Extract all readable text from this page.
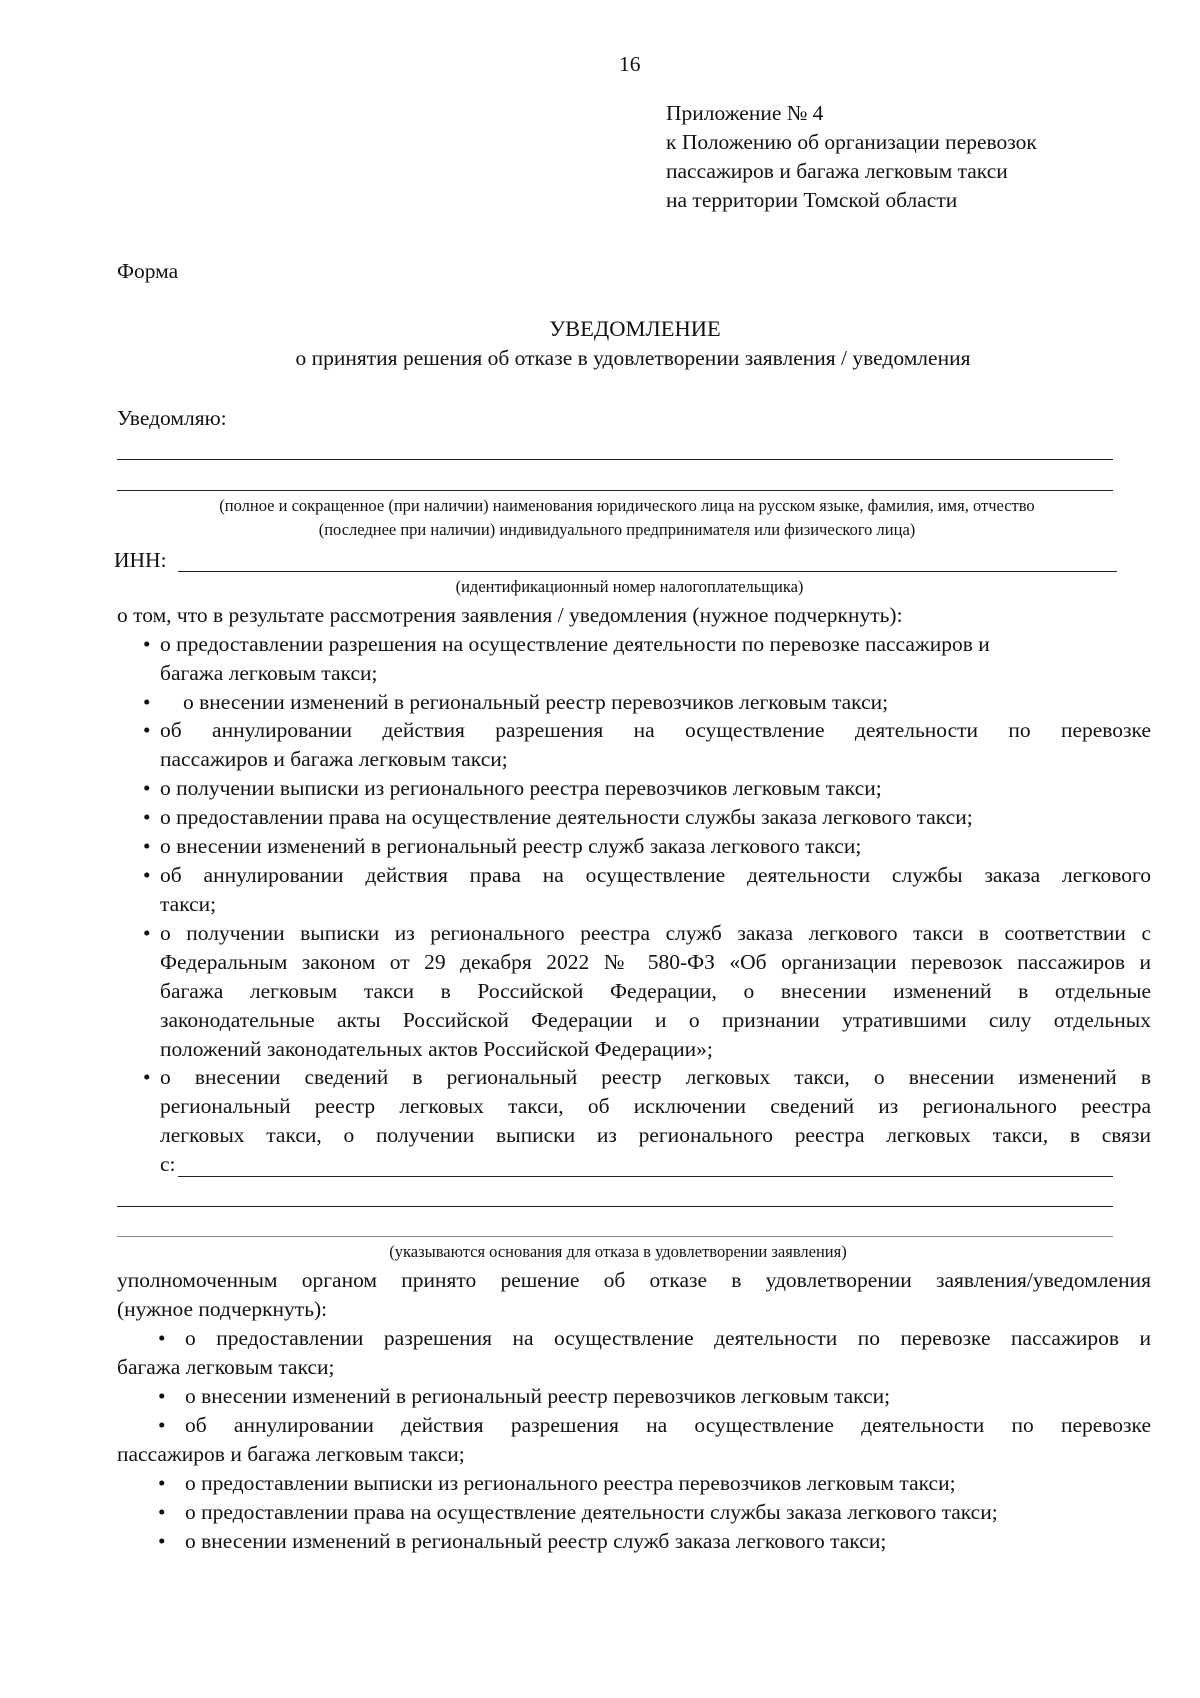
16
Приложение № 4
к Положению об организации перевозок
пассажиров и багажа легковым такси
на территории Томской области
Форма
УВЕДОМЛЕНИЕ
о принятия решения об отказе в удовлетворении заявления / уведомления
Уведомляю:
(полное и сокращенное (при наличии) наименования юридического лица на русском языке, фамилия, имя, отчество
(последнее при наличии) индивидуального предпринимателя или физического лица)
ИНН:
(идентификационный номер налогоплательщика)
о том, что в результате рассмотрения заявления / уведомления (нужное подчеркнуть):
• о предоставлении разрешения на осуществление деятельности по перевозке пассажиров и
багажа легковым такси;
• о внесении изменений в региональный реестр перевозчиков легковым такси;
• об аннулировании действия разрешения на осуществление деятельности по перевозке
пассажиров и багажа легковым такси;
• о получении выписки из регионального реестра перевозчиков легковым такси;
• о предоставлении права на осуществление деятельности службы заказа легкового такси;
• о внесении изменений в региональный реестр служб заказа легкового такси;
• об аннулировании действия права на осуществление деятельности службы заказа легкового
такси;
• о получении выписки из регионального реестра служб заказа легкового такси в соответствии с
Федеральным законом от 29 декабря 2022 № 580-ФЗ «Об организации перевозок пассажиров и
багажа легковым такси в Российской Федерации, о внесении изменений в отдельные
законодательные акты Российской Федерации и о признании утратившими силу отдельных
положений законодательных актов Российской Федерации»;
• о внесении сведений в региональный реестр легковых такси, о внесении изменений в
региональный реестр легковых такси, об исключении сведений из регионального реестра
легковых такси, о получении выписки из регионального реестра легковых такси, в связи
с:
(указываются основания для отказа в удовлетворении заявления)
уполномоченным органом принято решение об отказе в удовлетворении заявления/уведомления
(нужное подчеркнуть):
• о предоставлении разрешения на осуществление деятельности по перевозке пассажиров и
багажа легковым такси;
• о внесении изменений в региональный реестр перевозчиков легковым такси;
• об аннулировании действия разрешения на осуществление деятельности по перевозке
пассажиров и багажа легковым такси;
• о предоставлении выписки из регионального реестра перевозчиков легковым такси;
• о предоставлении права на осуществление деятельности службы заказа легкового такси;
• о внесении изменений в региональный реестр служб заказа легкового такси;
